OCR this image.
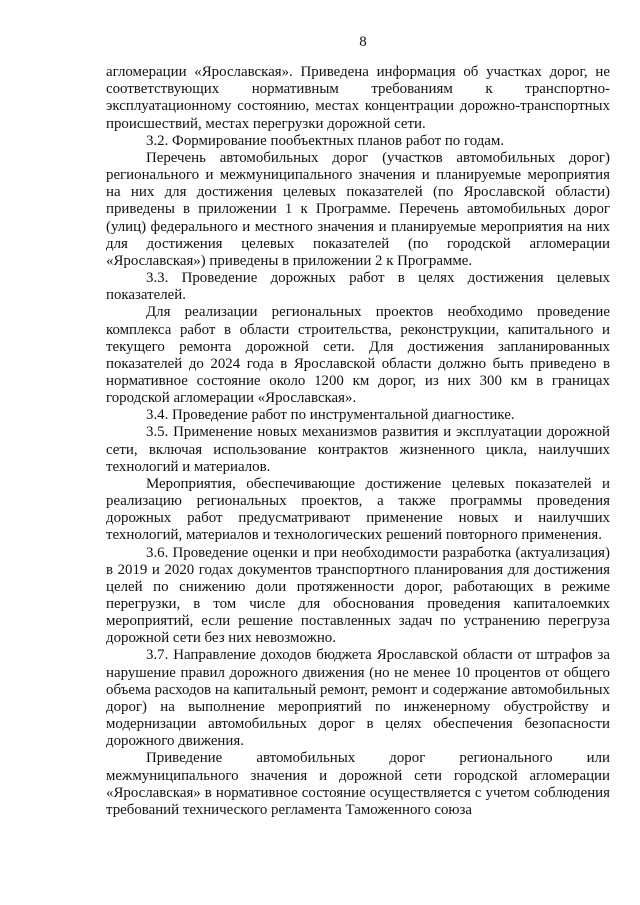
8

агломерации «Ярославская». Приведена информация об участках дорог, не соответствующих нормативным требованиям к транспортно-эксплуатационному состоянию, местах концентрации дорожно-транспортных происшествий, местах перегрузки дорожной сети.

3.2. Формирование пообъектных планов работ по годам.

Перечень автомобильных дорог (участков автомобильных дорог) регионального и межмуниципального значения и планируемые мероприятия на них для достижения целевых показателей (по Ярославской области) приведены в приложении 1 к Программе. Перечень автомобильных дорог (улиц) федерального и местного значения и планируемые мероприятия на них для достижения целевых показателей (по городской агломерации «Ярославская») приведены в приложении 2 к Программе.

3.3. Проведение дорожных работ в целях достижения целевых показателей.

Для реализации региональных проектов необходимо проведение комплекса работ в области строительства, реконструкции, капитального и текущего ремонта дорожной сети. Для достижения запланированных показателей до 2024 года в Ярославской области должно быть приведено в нормативное состояние около 1200 км дорог, из них 300 км в границах городской агломерации «Ярославская».

3.4. Проведение работ по инструментальной диагностике.

3.5. Применение новых механизмов развития и эксплуатации дорожной сети, включая использование контрактов жизненного цикла, наилучших технологий и материалов.

Мероприятия, обеспечивающие достижение целевых показателей и реализацию региональных проектов, а также программы проведения дорожных работ предусматривают применение новых и наилучших технологий, материалов и технологических решений повторного применения.

3.6. Проведение оценки и при необходимости разработка (актуализация) в 2019 и 2020 годах документов транспортного планирования для достижения целей по снижению доли протяженности дорог, работающих в режиме перегрузки, в том числе для обоснования проведения капиталоемких мероприятий, если решение поставленных задач по устранению перегруза дорожной сети без них невозможно.

3.7. Направление доходов бюджета Ярославской области от штрафов за нарушение правил дорожного движения (но не менее 10 процентов от общего объема расходов на капитальный ремонт, ремонт и содержание автомобильных дорог) на выполнение мероприятий по инженерному обустройству и модернизации автомобильных дорог в целях обеспечения безопасности дорожного движения.

Приведение автомобильных дорог регионального или межмуниципального значения и дорожной сети городской агломерации «Ярославская» в нормативное состояние осуществляется с учетом соблюдения требований технического регламента Таможенного союза
